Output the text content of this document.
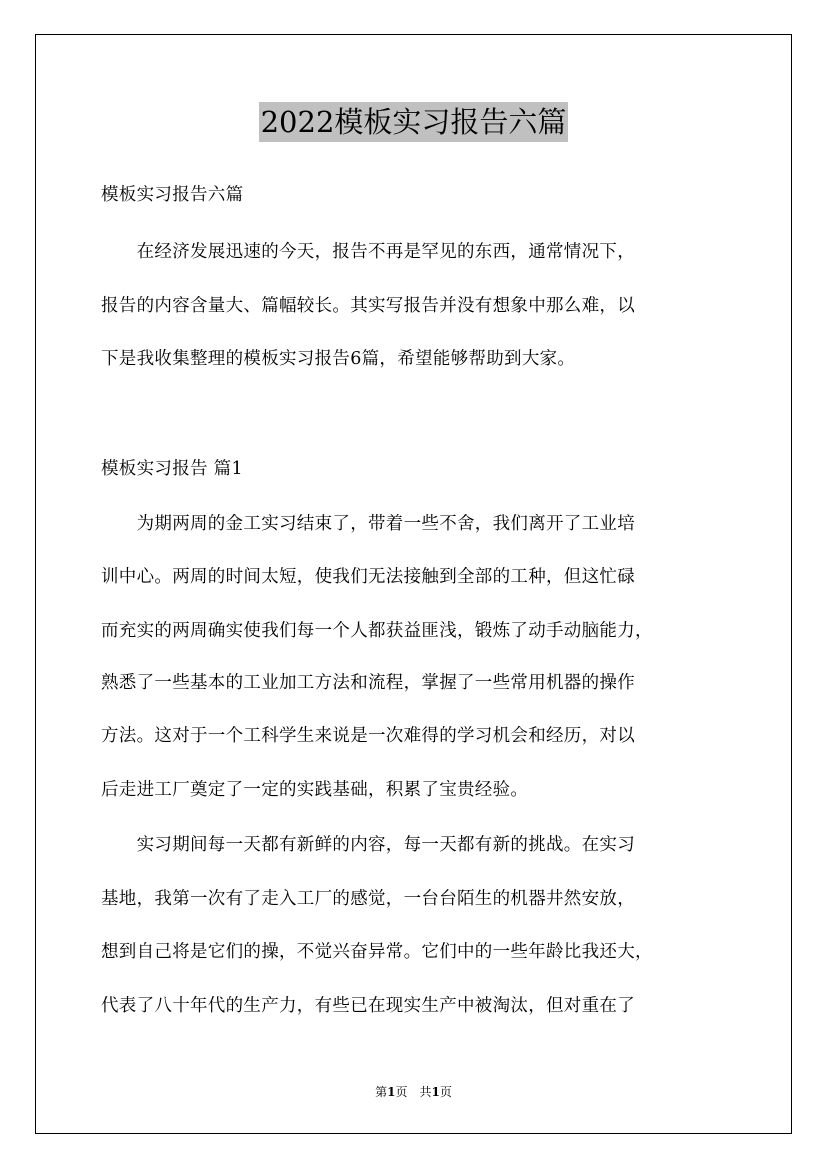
2022模板实习报告六篇
模板实习报告六篇
　　在经济发展迅速的今天，报告不再是罕见的东西，通常情况下，
报告的内容含量大、篇幅较长。其实写报告并没有想象中那么难，以
下是我收集整理的模板实习报告6篇，希望能够帮助到大家。
模板实习报告 篇1
　　为期两周的金工实习结束了，带着一些不舍，我们离开了工业培
训中心。两周的时间太短，使我们无法接触到全部的工种，但这忙碌
而充实的两周确实使我们每一个人都获益匪浅，锻炼了动手动脑能力，
熟悉了一些基本的工业加工方法和流程，掌握了一些常用机器的操作
方法。这对于一个工科学生来说是一次难得的学习机会和经历，对以
后走进工厂奠定了一定的实践基础，积累了宝贵经验。
　　实习期间每一天都有新鲜的内容，每一天都有新的挑战。在实习
基地，我第一次有了走入工厂的感觉，一台台陌生的机器井然安放，
想到自己将是它们的操，不觉兴奋异常。它们中的一些年龄比我还大，
代表了八十年代的生产力，有些已在现实生产中被淘汰，但对重在了
第1页　共1页
